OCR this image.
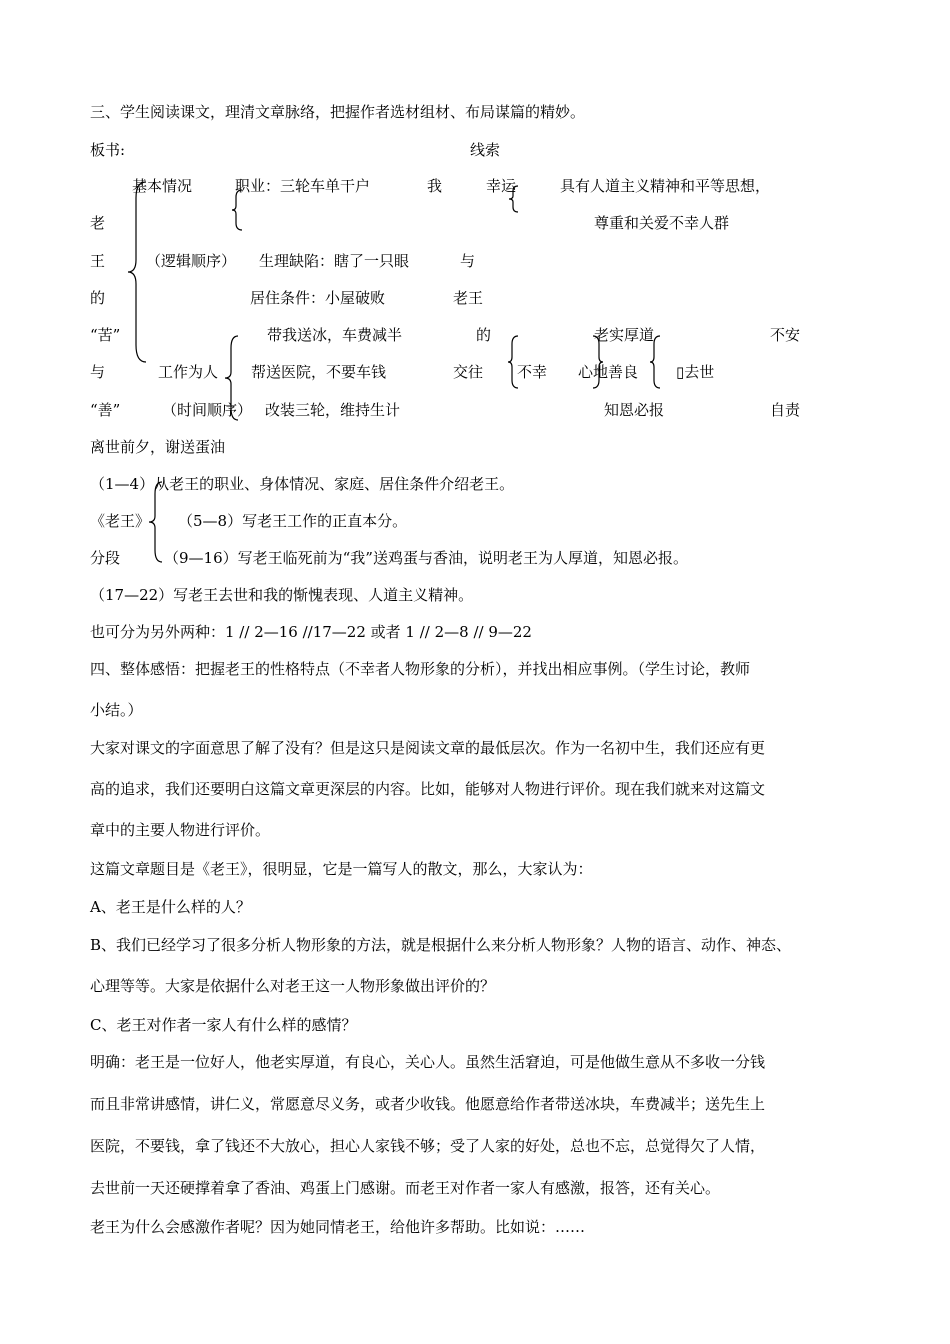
三、学生阅读课文，理清文章脉络，把握作者选材组材、布局谋篇的精妙。
板书:	线索
基本情况	职业：三轮车单干户	我	幸运	具有人道主义精神和平等思想，
老	尊重和关爱不幸人群
王	（逻辑顺序） 生理缺陷：瞎了一只眼	与
的	居住条件：小屋破败	老王
“苦”	带我送冰，车费减半	的	老实厚道	不安
与	工作为人 帮送医院，不要车钱	交往 不幸 心地善良	▯去世
“善”	（时间顺序） 改装三轮，维持生计	知恩必报	自责
离世前夕，谢送蛋油
（1—4）从老王的职业、身体情况、家庭、居住条件介绍老王。
《老王》 （5—8）写老王工作的正直本分。
分段	（9—16）写老王临死前为“我”送鸡蛋与香油，说明老王为人厚道，知恩必报。
（17—22）写老王去世和我的惭愧表现、人道主义精神。
也可分为另外两种：1 // 2—16 //17—22 或者 1 // 2—8 // 9—22
四、整体感悟：把握老王的性格特点（不幸者人物形象的分析），并找出相应事例。（学生讨论，教师
小结。）
大家对课文的字面意思了解了没有？但是这只是阅读文章的最低层次。作为一名初中生，我们还应有更
高的追求，我们还要明白这篇文章更深层的内容。比如，能够对人物进行评价。现在我们就来对这篇文
章中的主要人物进行评价。
这篇文章题目是《老王》，很明显，它是一篇写人的散文，那么，大家认为：
A、老王是什么样的人？
B、我们已经学习了很多分析人物形象的方法，就是根据什么来分析人物形象？人物的语言、动作、神态、
心理等等。大家是依据什么对老王这一人物形象做出评价的？
C、老王对作者一家人有什么样的感情？
明确：老王是一位好人，他老实厚道，有良心，关心人。虽然生活窘迫，可是他做生意从不多收一分钱
而且非常讲感情，讲仁义，常愿意尽义务，或者少收钱。他愿意给作者带送冰块，车费减半；送先生上
医院，不要钱，拿了钱还不大放心，担心人家钱不够；受了人家的好处，总也不忘，总觉得欠了人情，
去世前一天还硬撑着拿了香油、鸡蛋上门感谢。而老王对作者一家人有感激，报答，还有关心。
老王为什么会感激作者呢？因为她同情老王，给他许多帮助。比如说：……
